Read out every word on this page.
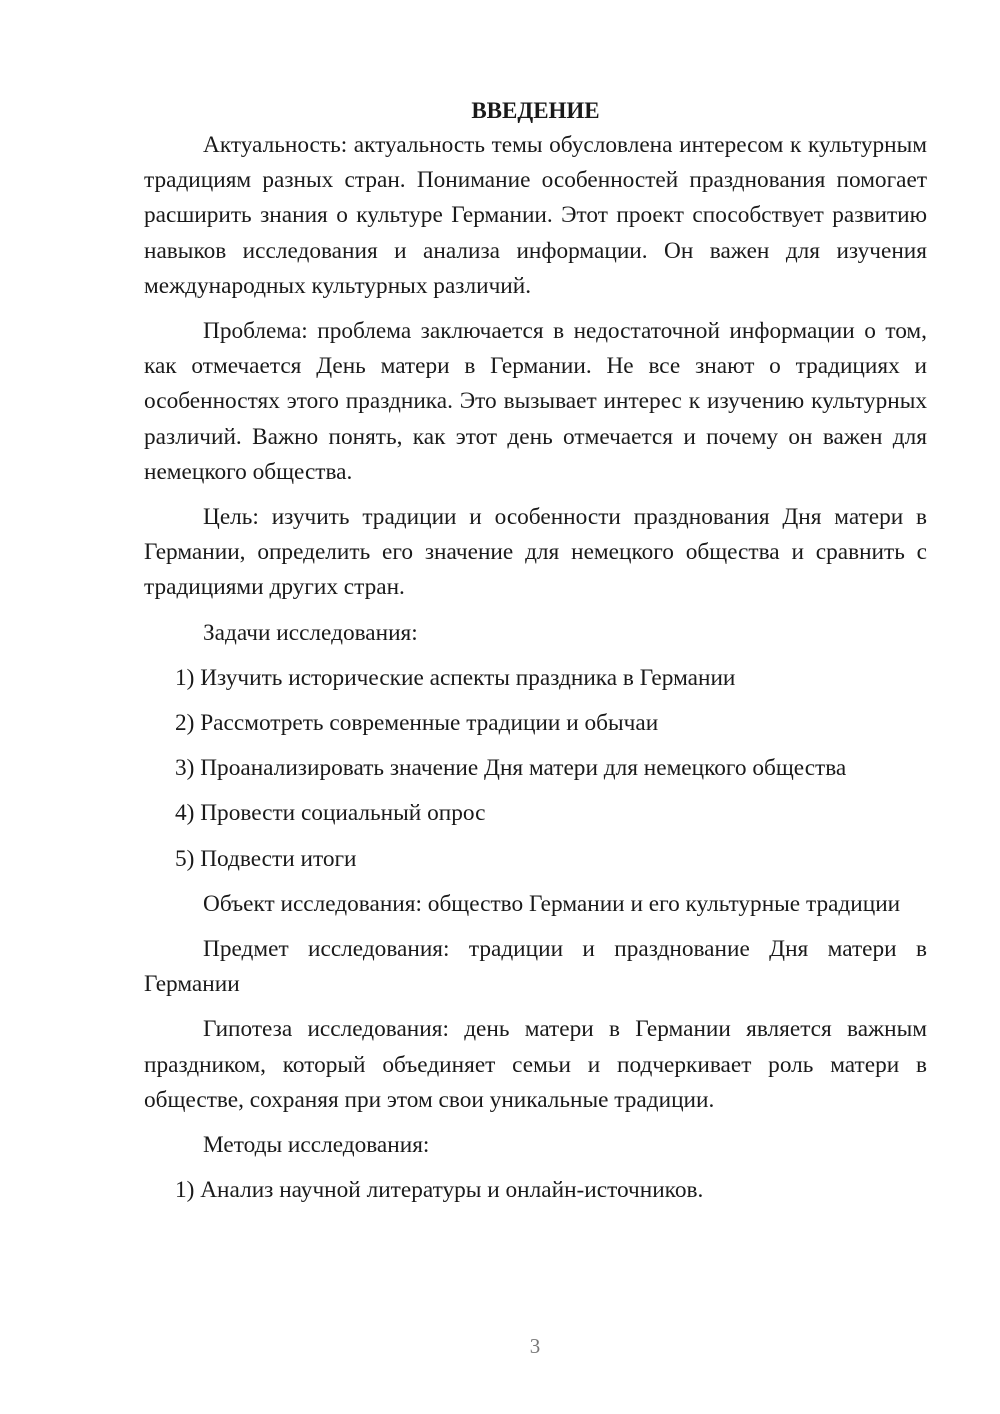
ВВЕДЕНИЕ

Актуальность: актуальность темы обусловлена интересом к культурным традициям разных стран. Понимание особенностей празднования помогает расширить знания о культуре Германии. Этот проект способствует развитию навыков исследования и анализа информации. Он важен для изучения международных культурных различий.

Проблема: проблема заключается в недостаточной информации о том, как отмечается День матери в Германии. Не все знают о традициях и особенностях этого праздника. Это вызывает интерес к изучению культурных различий. Важно понять, как этот день отмечается и почему он важен для немецкого общества.

Цель: изучить традиции и особенности празднования Дня матери в Германии, определить его значение для немецкого общества и сравнить с традициями других стран.

Задачи исследования:

1) Изучить исторические аспекты праздника в Германии

2) Рассмотреть современные традиции и обычаи

3) Проанализировать значение Дня матери для немецкого общества

4) Провести социальный опрос

5) Подвести итоги

Объект исследования: общество Германии и его культурные традиции

Предмет исследования: традиции и празднование Дня матери в Германии

Гипотеза исследования: день матери в Германии является важным праздником, который объединяет семьи и подчеркивает роль матери в обществе, сохраняя при этом свои уникальные традиции.

Методы исследования:

1) Анализ научной литературы и онлайн-источников.

3
